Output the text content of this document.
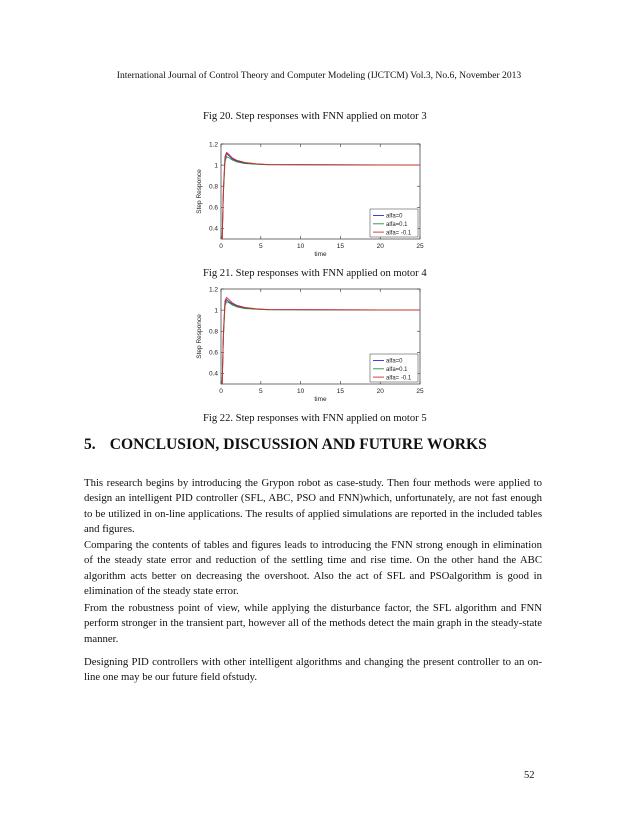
International Journal of Control Theory and Computer Modeling (IJCTCM) Vol.3, No.6, November 2013
Fig 20. Step responses with FNN applied on motor 3
0	5	10	15	20	25
0.4
0.6
0.8
1
1.2
time
Step Responce
alfa=0
alfa=0.1
alfa= -0.1
Fig 21. Step responses with FNN applied on motor 4
0	5	10	15	20	25
0.4
0.6
0.8
1
1.2
time
Step Responce
alfa=0
alfa=0.1
alfa= -0.1
Fig 22. Step responses with FNN applied on motor 5
5. CONCLUSION, DISCUSSION AND FUTURE WORKS

This research begins by introducing the Grypon robot as case-study. Then four methods were applied to design an intelligent PID controller (SFL, ABC, PSO and FNN)which, unfortunately, are not fast enough to be utilized in on-line applications. The results of applied simulations are reported in the included tables and figures.

Comparing the contents of tables and figures leads to introducing the FNN strong enough in elimination of the steady state error and reduction of the settling time and rise time. On the other hand the ABC algorithm acts better on decreasing the overshoot. Also the act of SFL and PSOalgorithm is good in elimination of the steady state error.

From the robustness point of view, while applying the disturbance factor, the SFL algorithm and FNN perform stronger in the transient part, however all of the methods detect the main graph in the steady-state manner.

Designing PID controllers with other intelligent algorithms and changing the present controller to an on-line one may be our future field ofstudy.

52
